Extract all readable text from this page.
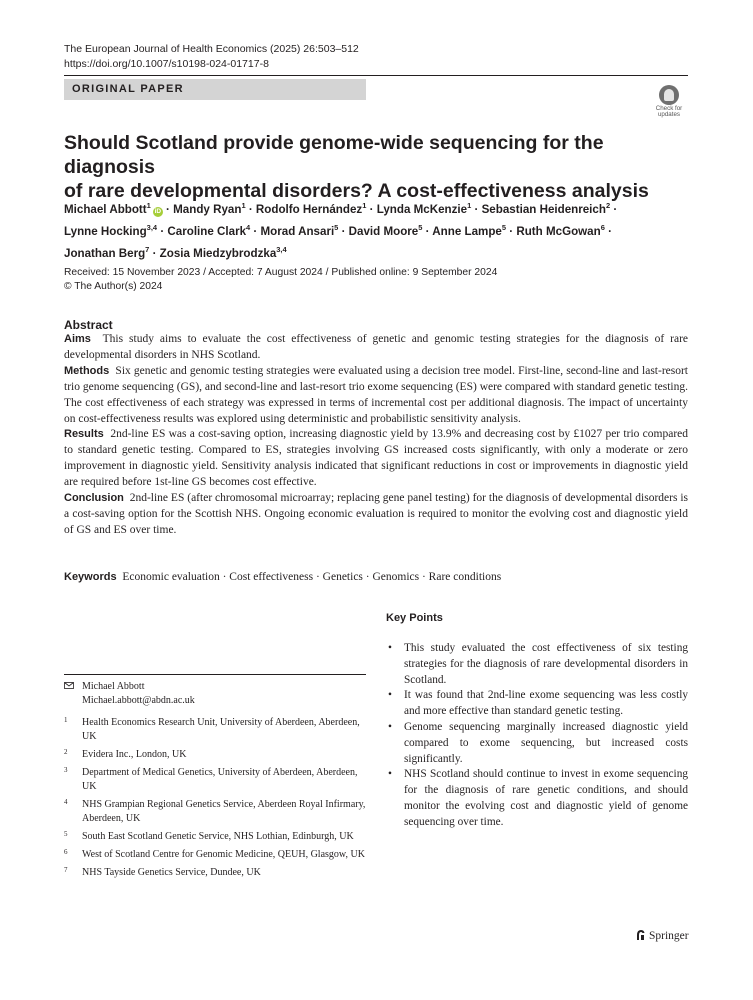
The European Journal of Health Economics (2025) 26:503–512
https://doi.org/10.1007/s10198-024-01717-8
ORIGINAL PAPER
Check for
updates
Should Scotland provide genome-wide sequencing for the diagnosis
of rare developmental disorders? A cost-effectiveness analysis
Michael Abbott$^1$iD · Mandy Ryan$^1$ · Rodolfo Hernández$^1$ · Lynda McKenzie$^1$ · Sebastian Heidenreich$^2$ ·
Lynne Hocking$^{3,4}$ · Caroline Clark$^4$ · Morad Ansari$^5$ · David Moore$^5$ · Anne Lampe$^5$ · Ruth McGowan$^6$ ·
Jonathan Berg$^7$ · Zosia Miedzybrodzka$^{3,4}$
Received: 15 November 2023 / Accepted: 7 August 2024 / Published online: 9 September 2024
© The Author(s) 2024
Abstract

Aims This study aims to evaluate the cost effectiveness of genetic and genomic testing strategies for the diagnosis of rare developmental disorders in NHS Scotland.

Methods Six genetic and genomic testing strategies were evaluated using a decision tree model. First-line, second-line and last-resort trio genome sequencing (GS), and second-line and last-resort trio exome sequencing (ES) were compared with standard genetic testing. The cost effectiveness of each strategy was expressed in terms of incremental cost per additional diagnosis. The impact of uncertainty on cost-effectiveness results was explored using deterministic and probabilistic sensitivity analysis.

Results 2nd-line ES was a cost-saving option, increasing diagnostic yield by 13.9% and decreasing cost by £1027 per trio compared to standard genetic testing. Compared to ES, strategies involving GS increased costs significantly, with only a moderate or zero improvement in diagnostic yield. Sensitivity analysis indicated that significant reductions in cost or improvements in diagnostic yield are required before 1st-line GS becomes cost effective.

Conclusion 2nd-line ES (after chromosomal microarray; replacing gene panel testing) for the diagnosis of developmental disorders is a cost-saving option for the Scottish NHS. Ongoing economic evaluation is required to monitor the evolving cost and diagnostic yield of GS and ES over time.

Keywords Economic evaluation · Cost effectiveness · Genetics · Genomics · Rare conditions
Key Points
• This study evaluated the cost effectiveness of six testing strategies for the diagnosis of rare developmental disorders in Scotland.
• It was found that 2nd-line exome sequencing was less costly and more effective than standard genetic testing.
• Genome sequencing marginally increased diagnostic yield compared to exome sequencing, but increased costs significantly.
• NHS Scotland should continue to invest in exome sequencing for the diagnosis of rare genetic conditions, and should monitor the evolving cost and diagnostic yield of genome sequencing over time.
Michael Abbott
Michael.abbott@abdn.ac.uk
1 Health Economics Research Unit, University of Aberdeen, Aberdeen, UK
2 Evidera Inc., London, UK
3 Department of Medical Genetics, University of Aberdeen, Aberdeen, UK
4 NHS Grampian Regional Genetics Service, Aberdeen Royal Infirmary, Aberdeen, UK
5 South East Scotland Genetic Service, NHS Lothian, Edinburgh, UK
6 West of Scotland Centre for Genomic Medicine, QEUH, Glasgow, UK
7 NHS Tayside Genetics Service, Dundee, UK
Springer
